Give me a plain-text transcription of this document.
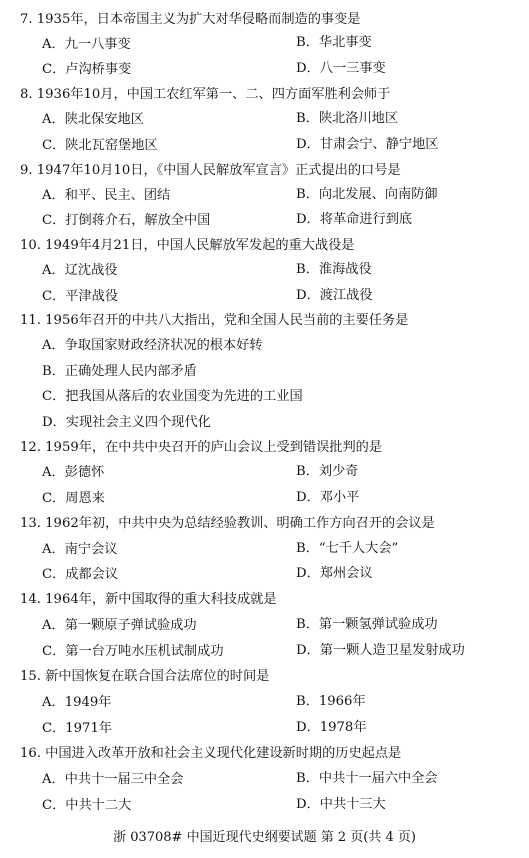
7. 1935年，日本帝国主义为扩大对华侵略而制造的事变是
A．九一八事变	B．华北事变
C．卢沟桥事变	D．八一三事变
8. 1936年10月，中国工农红军第一、二、四方面军胜利会师于
A．陕北保安地区	B．陕北洛川地区
C．陕北瓦窑堡地区	D．甘肃会宁、静宁地区
9. 1947年10月10日，《中国人民解放军宣言》正式提出的口号是
A．和平、民主、团结	B．向北发展、向南防御
C．打倒蒋介石，解放全中国	D．将革命进行到底
10. 1949年4月21日，中国人民解放军发起的重大战役是
A．辽沈战役	B．淮海战役
C．平津战役	D．渡江战役
11. 1956年召开的中共八大指出，党和全国人民当前的主要任务是
A．争取国家财政经济状况的根本好转
B．正确处理人民内部矛盾
C．把我国从落后的农业国变为先进的工业国
D．实现社会主义四个现代化
12. 1959年，在中共中央召开的庐山会议上受到错误批判的是
A．彭德怀	B．刘少奇
C．周恩来	D．邓小平
13. 1962年初，中共中央为总结经验教训、明确工作方向召开的会议是
A．南宁会议	B．“七千人大会”
C．成都会议	D．郑州会议
14. 1964年，新中国取得的重大科技成就是
A．第一颗原子弹试验成功	B．第一颗氢弹试验成功
C．第一台万吨水压机试制成功	D．第一颗人造卫星发射成功
15. 新中国恢复在联合国合法席位的时间是
A．1949年	B．1966年
C．1971年	D．1978年
16. 中国进入改革开放和社会主义现代化建设新时期的历史起点是
A．中共十一届三中全会	B．中共十一届六中全会
C．中共十二大	D．中共十三大
浙 03708# 中国近现代史纲要试题 第 2 页(共 4 页)
